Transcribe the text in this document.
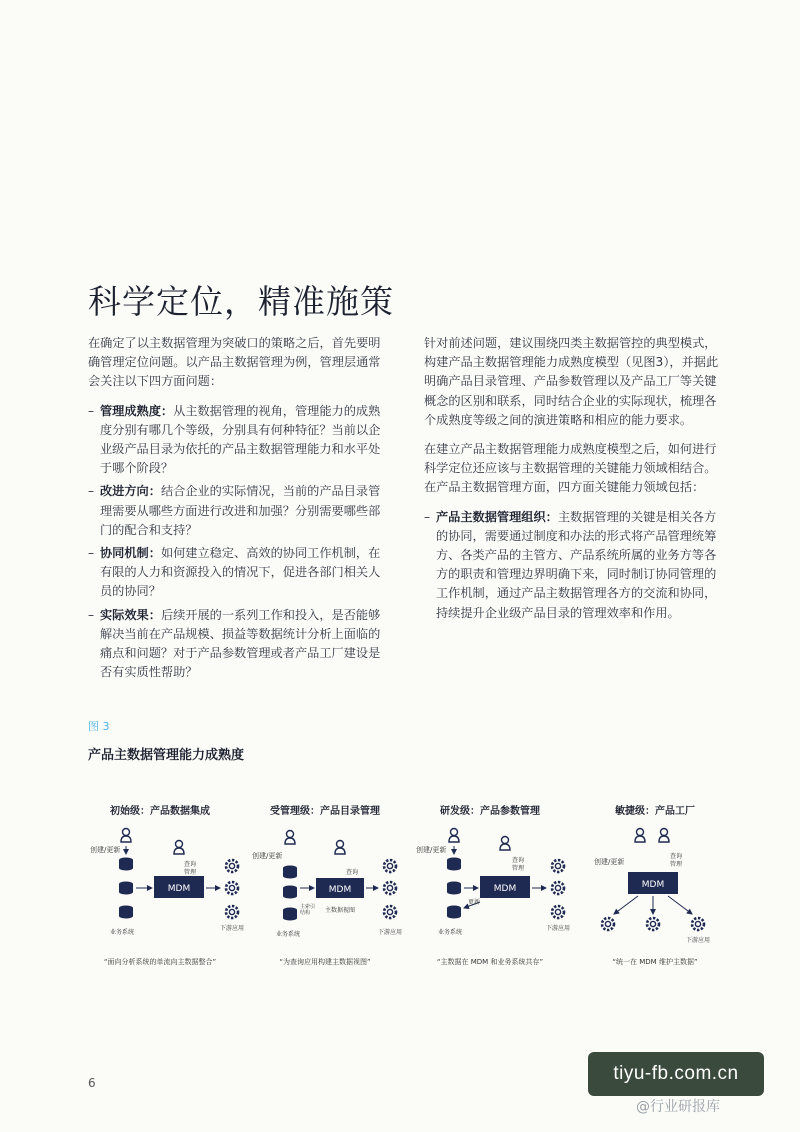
科学定位，精准施策

在确定了以主数据管理为突破口的策略之后，首先要明确管理定位问题。以产品主数据管理为例，管理层通常会关注以下四方面问题：

– 管理成熟度：从主数据管理的视角，管理能力的成熟度分别有哪几个等级，分别具有何种特征？当前以企业级产品目录为依托的产品主数据管理能力和水平处于哪个阶段？
– 改进方向：结合企业的实际情况，当前的产品目录管理需要从哪些方面进行改进和加强？分别需要哪些部门的配合和支持？
– 协同机制：如何建立稳定、高效的协同工作机制，在有限的人力和资源投入的情况下，促进各部门相关人员的协同？
– 实际效果：后续开展的一系列工作和投入，是否能够解决当前在产品规模、损益等数据统计分析上面临的痛点和问题？对于产品参数管理或者产品工厂建设是否有实质性帮助？

针对前述问题，建议围绕四类主数据管控的典型模式，构建产品主数据管理能力成熟度模型（见图3），并据此明确产品目录管理、产品参数管理以及产品工厂等关键概念的区别和联系，同时结合企业的实际现状，梳理各个成熟度等级之间的演进策略和相应的能力要求。

在建立产品主数据管理能力成熟度模型之后，如何进行科学定位还应该与主数据管理的关键能力领域相结合。在产品主数据管理方面，四方面关键能力领域包括：

– 产品主数据管理组织：主数据管理的关键是相关各方的协同，需要通过制度和办法的形式将产品管理统筹方、各类产品的主管方、产品系统所属的业务方等各方的职责和管理边界明确下来，同时制订协同管理的工作机制，通过产品主数据管理各方的交流和协同，持续提升企业级产品目录的管理效率和作用。
图 3
产品主数据管理能力成熟度
初始级：产品数据集成
创建/更新
MDM
查询
管理
业务系统
下游应用
“面向分析系统的单流向主数据整合”
受管理级：产品目录管理
创建/更新
主索引
结构
MDM
查询
主数据视图
业务系统	下游应用
“为查询应用构建主数据视图”
研发级：产品参数管理
创建/更新
MDM
查询
管理
更新
业务系统
下游应用
“主数据在 MDM 和业务系统共存”
敏捷级：产品工厂
创建/更新
查询
管理
MDM
下游应用
“统一在 MDM 维护主数据”
6	tiyu-fb.com.cn
@行业研报库
